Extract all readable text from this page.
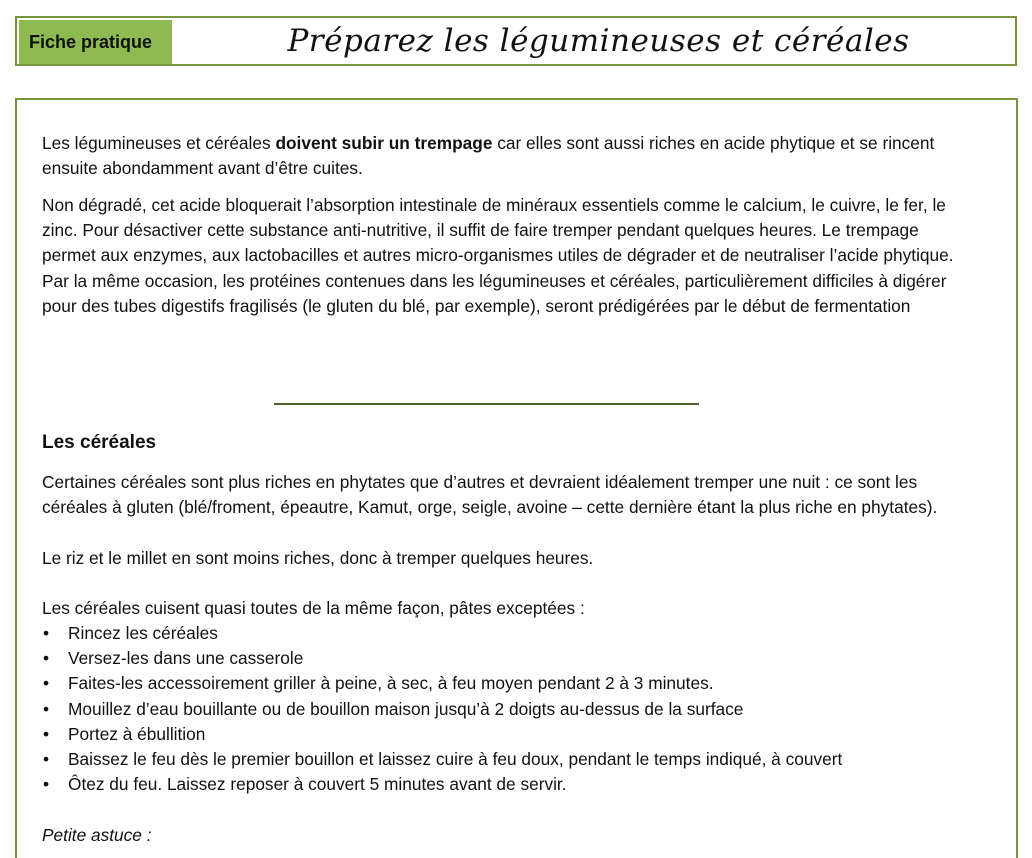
Fiche pratique	Préparez les légumineuses et céréales

Les légumineuses et céréales doivent subir un trempage car elles sont aussi riches en acide phytique et se rincent ensuite abondamment avant d’être cuites.

Non dégradé, cet acide bloquerait l’absorption intestinale de minéraux essentiels comme le calcium, le cuivre, le fer, le zinc. Pour désactiver cette substance anti-nutritive, il suffit de faire tremper pendant quelques heures. Le trempage permet aux enzymes, aux lactobacilles et autres micro-organismes utiles de dégrader et de neutraliser l’acide phytique. Par la même occasion, les protéines contenues dans les légumineuses et céréales, particulièrement difficiles à digérer pour des tubes digestifs fragilisés (le gluten du blé, par exemple), seront prédigérées par le début de fermentation

Les céréales

Certaines céréales sont plus riches en phytates que d’autres et devraient idéalement tremper une nuit : ce sont les céréales à gluten (blé/froment, épeautre, Kamut, orge, seigle, avoine – cette dernière étant la plus riche en phytates).

Le riz et le millet en sont moins riches, donc à tremper quelques heures.

Les céréales cuisent quasi toutes de la même façon, pâtes exceptées :

• Rincez les céréales
• Versez-les dans une casserole
• Faites-les accessoirement griller à peine, à sec, à feu moyen pendant 2 à 3 minutes.
• Mouillez d’eau bouillante ou de bouillon maison jusqu’à 2 doigts au-dessus de la surface
• Portez à ébullition
• Baissez le feu dès le premier bouillon et laissez cuire à feu doux, pendant le temps indiqué, à couvert
• Ôtez du feu. Laissez reposer à couvert 5 minutes avant de servir.

Petite astuce :
